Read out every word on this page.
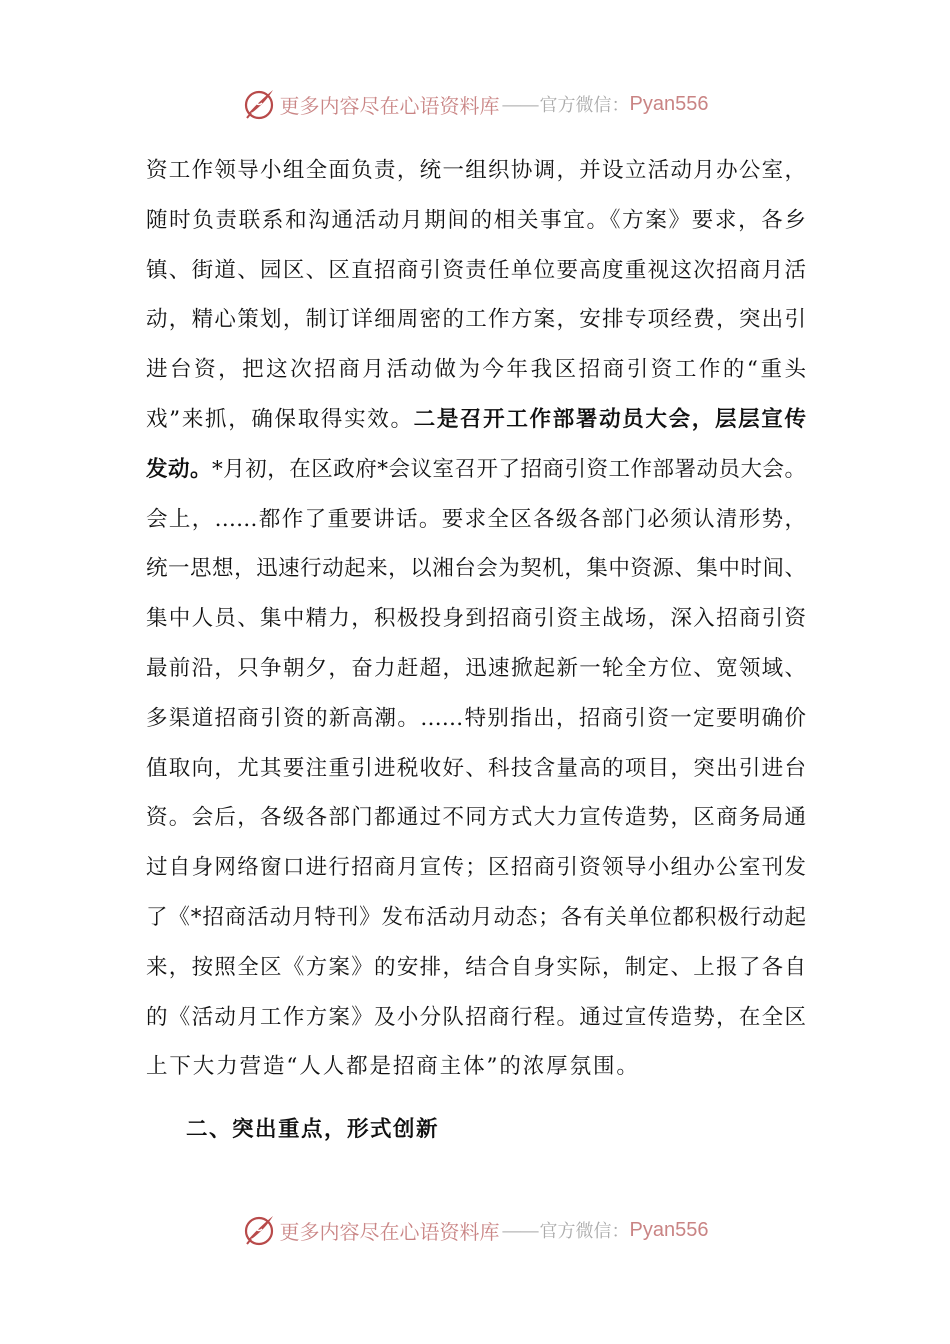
更多内容尽在心语资料库 —— 官方微信： Pyan556
资工作领导小组全面负责，统一组织协调，并设立活动月办公室，
随时负责联系和沟通活动月期间的相关事宜。《方案》要求，各乡
镇、街道、园区、区直招商引资责任单位要高度重视这次招商月活
动，精心策划，制订详细周密的工作方案，安排专项经费，突出引
进台资，把这次招商月活动做为今年我区招商引资工作的“重头
戏”来抓，确保取得实效。二是召开工作部署动员大会，层层宣传
发动。*月初，在区政府*会议室召开了招商引资工作部署动员大会。
会上，……都作了重要讲话。要求全区各级各部门必须认清形势，
统一思想，迅速行动起来，以湘台会为契机，集中资源、集中时间、
集中人员、集中精力，积极投身到招商引资主战场，深入招商引资
最前沿，只争朝夕，奋力赶超，迅速掀起新一轮全方位、宽领域、
多渠道招商引资的新高潮。……特别指出，招商引资一定要明确价
值取向，尤其要注重引进税收好、科技含量高的项目，突出引进台
资。会后，各级各部门都通过不同方式大力宣传造势，区商务局通
过自身网络窗口进行招商月宣传；区招商引资领导小组办公室刊发
了《*招商活动月特刊》发布活动月动态；各有关单位都积极行动起
来，按照全区《方案》的安排，结合自身实际，制定、上报了各自
的《活动月工作方案》及小分队招商行程。通过宣传造势，在全区
上下大力营造“人人都是招商主体”的浓厚氛围。
二、突出重点，形式创新
更多内容尽在心语资料库 —— 官方微信： Pyan556
